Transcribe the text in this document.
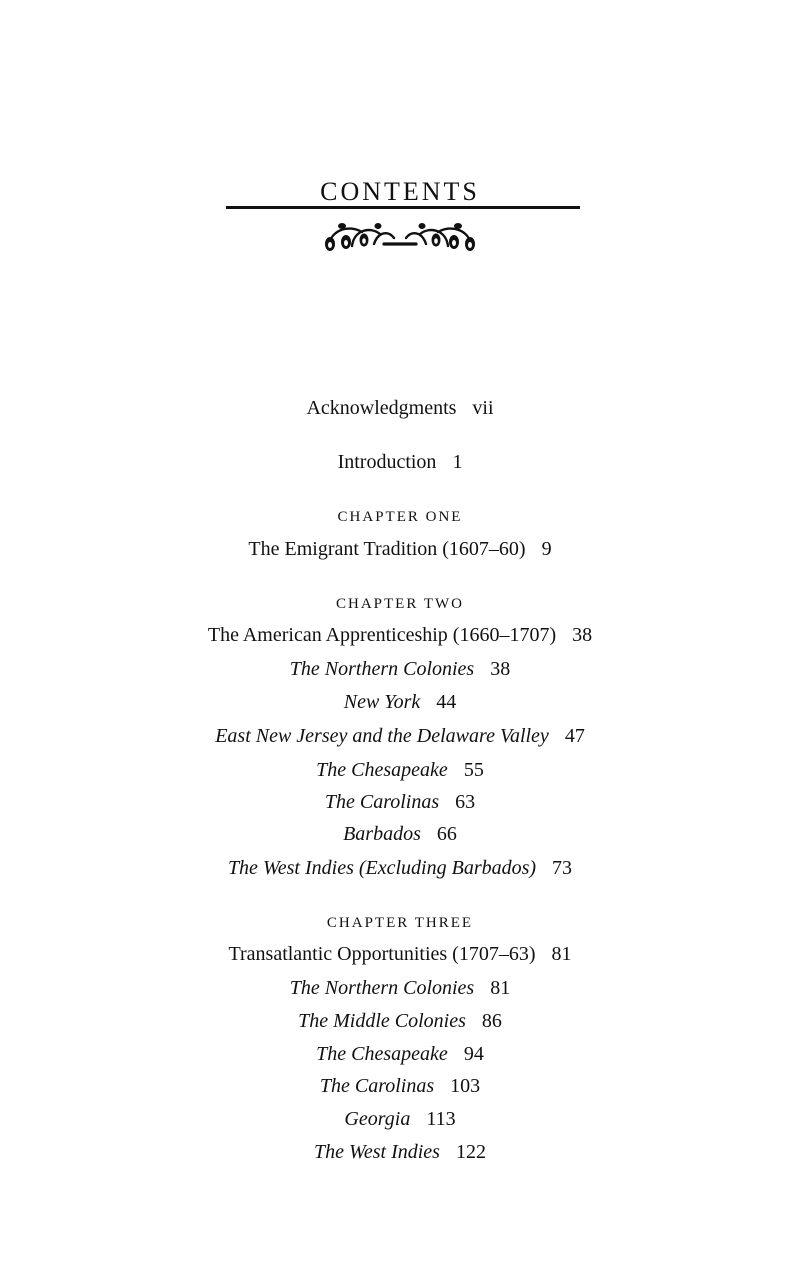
CONTENTS
Acknowledgments vii
Introduction 1
CHAPTER ONE
The Emigrant Tradition (1607–60) 9
CHAPTER TWO
The American Apprenticeship (1660–1707) 38
The Northern Colonies 38
New York 44
East New Jersey and the Delaware Valley 47
The Chesapeake 55
The Carolinas 63
Barbados 66
The West Indies (Excluding Barbados) 73
CHAPTER THREE
Transatlantic Opportunities (1707–63) 81
The Northern Colonies 81
The Middle Colonies 86
The Chesapeake 94
The Carolinas 103
Georgia 113
The West Indies 122
